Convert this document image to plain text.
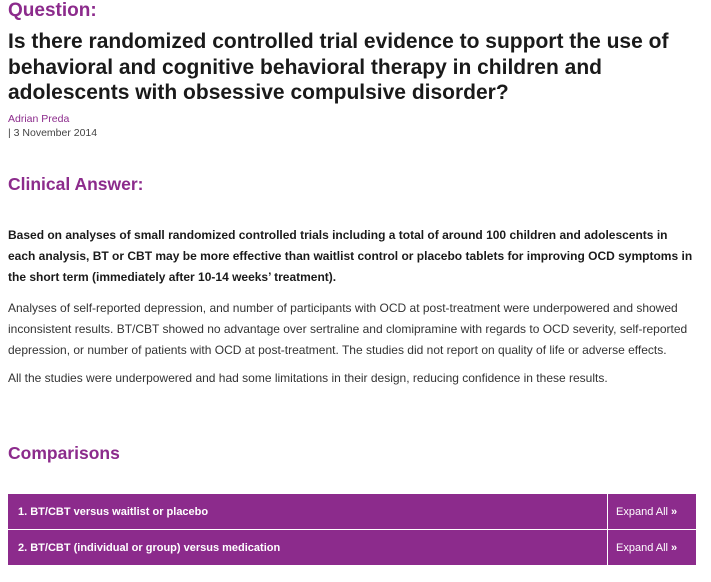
Question:
Is there randomized controlled trial evidence to support the use of behavioral and cognitive behavioral therapy in children and adolescents with obsessive compulsive disorder?
Adrian Preda
| 3 November 2014
Clinical Answer:

Based on analyses of small randomized controlled trials including a total of around 100 children and adolescents in each analysis, BT or CBT may be more effective than waitlist control or placebo tablets for improving OCD symptoms in the short term (immediately after 10-14 weeks’ treatment).

Analyses of self-reported depression, and number of participants with OCD at post-treatment were underpowered and showed inconsistent results. BT/CBT showed no advantage over sertraline and clomipramine with regards to OCD severity, self-reported depression, or number of patients with OCD at post-treatment. The studies did not report on quality of life or adverse effects.

All the studies were underpowered and had some limitations in their design, reducing confidence in these results.

Comparisons
1. BT/CBT versus waitlist or placebo	Expand All »
2. BT/CBT (individual or group) versus medication	Expand All »
